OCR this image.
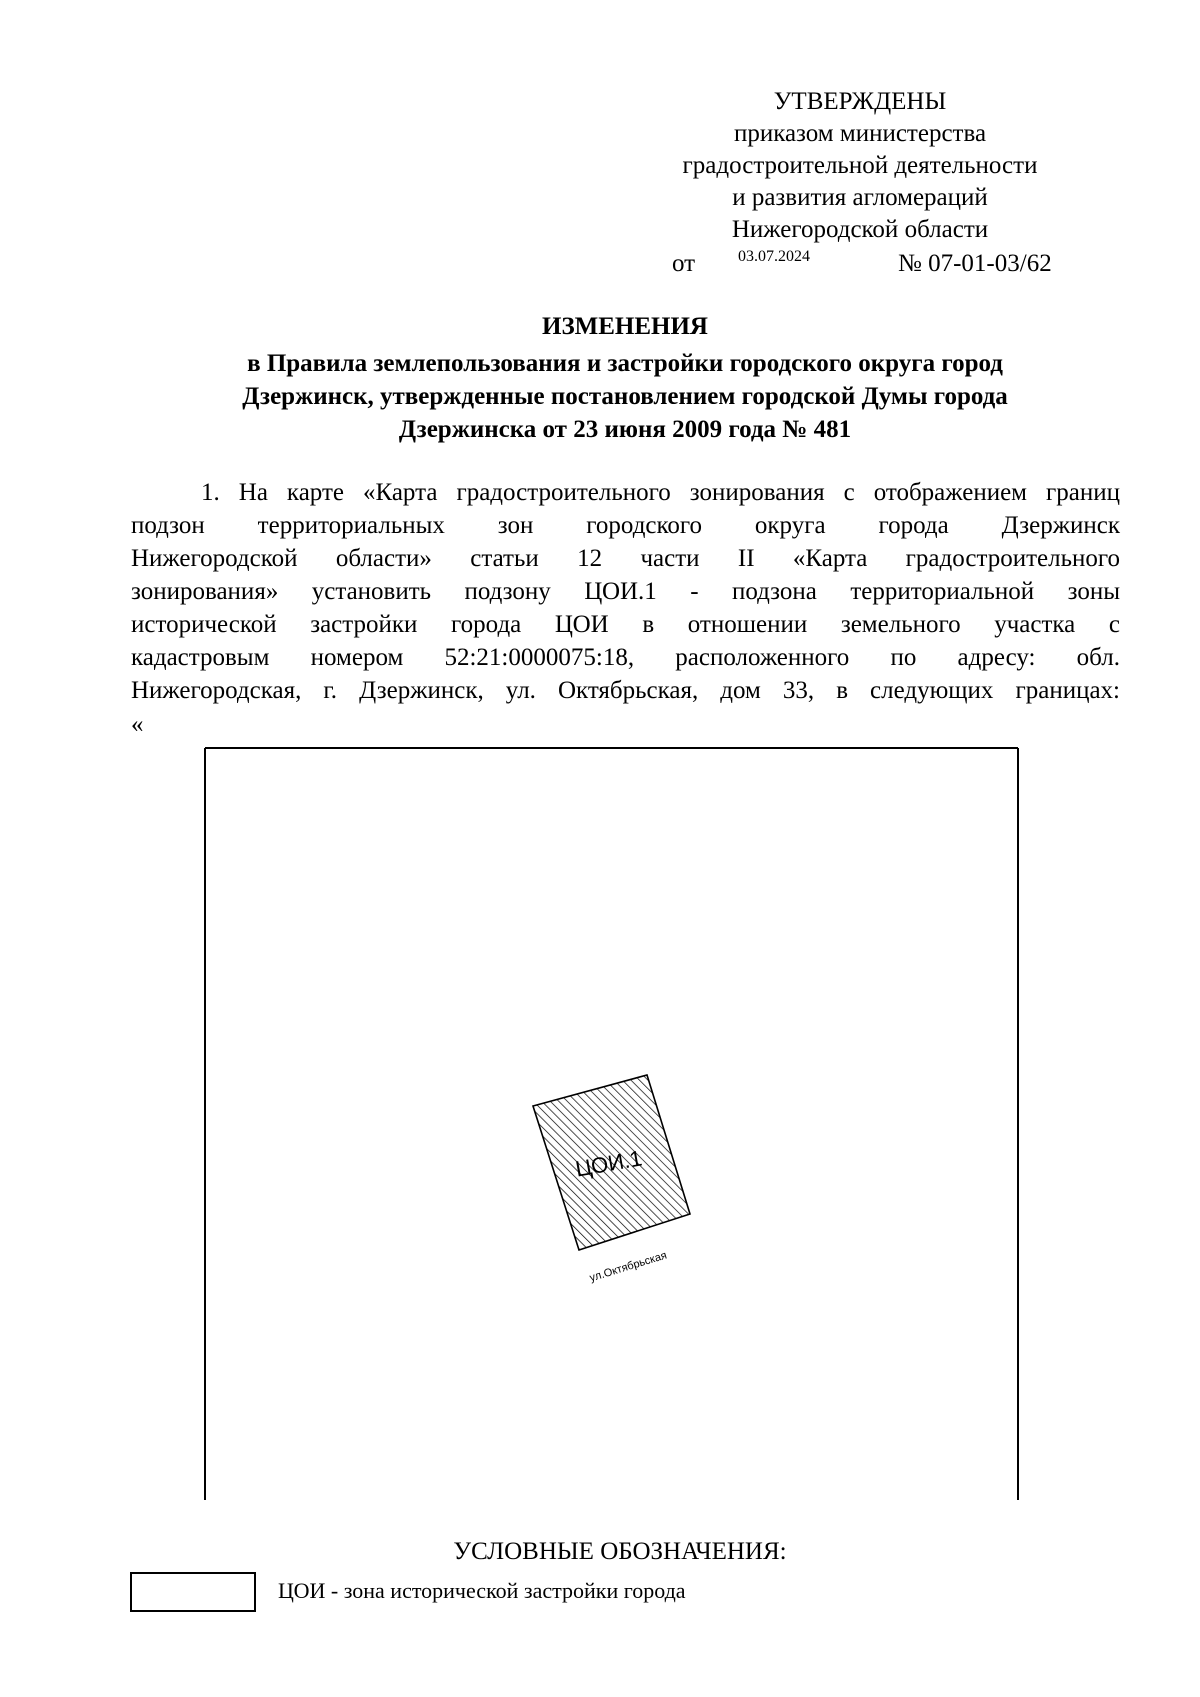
УТВЕРЖДЕНЫ
приказом министерства
градостроительной деятельности
и развития агломераций
Нижегородской области
от	03.07.2024	№ 07-01-03/62
ИЗМЕНЕНИЯ
в Правила землепользования и застройки городского округа город
Дзержинск, утвержденные постановлением городской Думы города
Дзержинска от 23 июня 2009 года № 481
1. На карте «Карта градостроительного зонирования с отображением границ
подзон территориальных зон городского округа города Дзержинск
Нижегородской области» статьи 12 части II «Карта градостроительного
зонирования» установить подзону ЦОИ.1 - подзона территориальной зоны
исторической застройки города ЦОИ в отношении земельного участка с
кадастровым номером 52:21:0000075:18, расположенного по адресу: обл.
Нижегородская, г. Дзержинск, ул. Октябрьская, дом 33, в следующих границах:
«
ЦОИ.1
ул.Октябрьская
УСЛОВНЫЕ ОБОЗНАЧЕНИЯ:
ЦОИ - зона исторической застройки города
